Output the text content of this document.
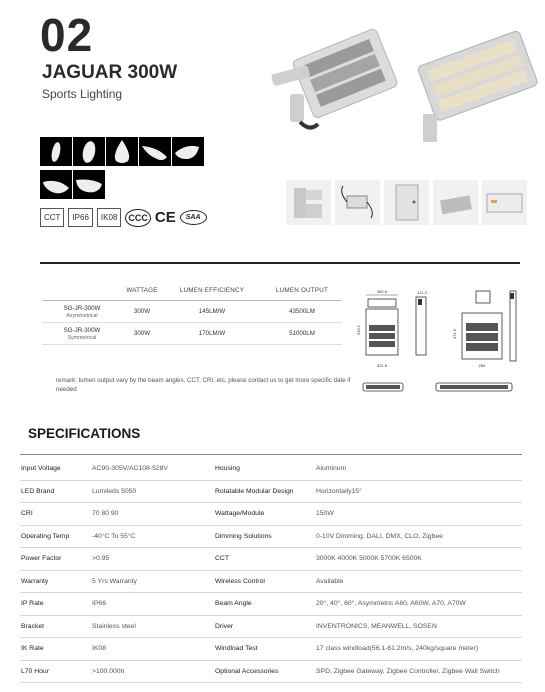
02
JAGUAR 300W
Sports Lighting
CCT	IP66	IK08	CCC CE	SAA
WATTAGE	LUMEN EFFICIENCY	LUMEN OUTPUT
SG-JR-300W
Asymmetrical
300W	145LM/W	43500LM
SG-JR-300W
Symmetrical
300W	170LM/W	51000LM
remark: lumen output vary by the beam angles, CCT, CRI, etc, please contact us to get more specific date if needed
380.6
515.2
321.8
121.2
471.6
284
SPECIFICATIONS
Input Voltage	AC90-305V/AC108-528V	Housing	Aluminum
LED Brand	Lumileds 5050	Rotatable Modular Design	Horizontally15°
CRI	70 80 90	Wattage/Module	150W
Operating Temp	-40°C To 55°C	Dimming Solutions	0-10V Dimming, DALI, DMX, CLO, Zigbee
Power Factor	>0.95	CCT	3000K 4000K 5000K 5700K 6500K
Warranty	5 Yrs Warranty	Wireless Control	Available
IP Rate	IP66	Beam Angle	20°, 40°, 60°, Asymmetric A60, A60W, A70, A70W
Bracket	Stainless steel	Driver	INVENTRONICS, MEANWELL, SOSEN
IK Rate	IK08	Windload Test	17 class windload(56.1-61.2m/s, 240kg/square meter)
L70 Hour	>100.000h	Optional Accessories	SPD, Zigbee Gateway, Zigbee Controller, Zigbee Wall Switch
